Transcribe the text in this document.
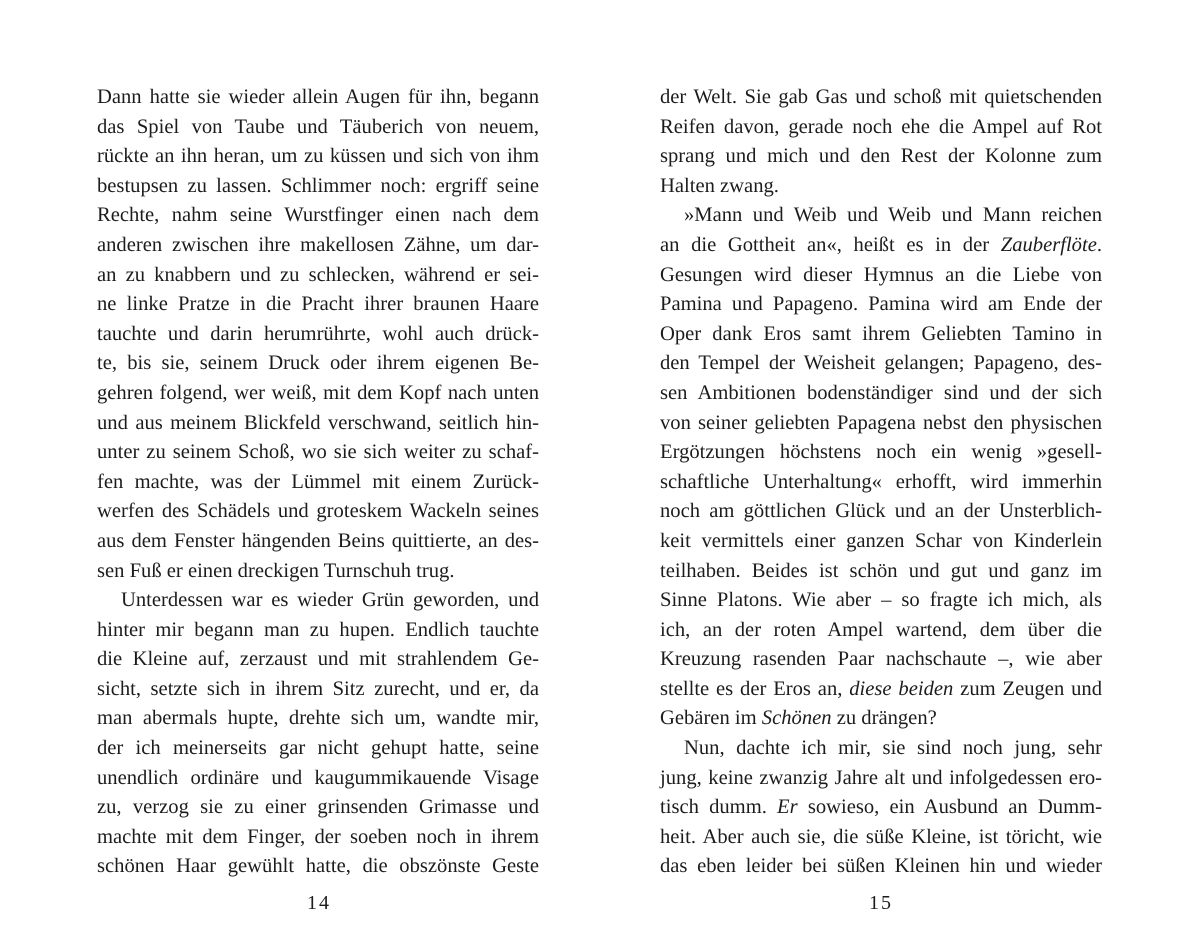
Dann hatte sie wieder allein Augen für ihn, begann
das Spiel von Taube und Täuberich von neuem,
rückte an ihn heran, um zu küssen und sich von ihm
bestupsen zu lassen. Schlimmer noch: ergriff seine
Rechte, nahm seine Wurstfinger einen nach dem
anderen zwischen ihre makellosen Zähne, um dar-
an zu knabbern und zu schlecken, während er sei-
ne linke Pratze in die Pracht ihrer braunen Haare
tauchte und darin herumrührte, wohl auch drück-
te, bis sie, seinem Druck oder ihrem eigenen Be-
gehren folgend, wer weiß, mit dem Kopf nach unten
und aus meinem Blickfeld verschwand, seitlich hin-
unter zu seinem Schoß, wo sie sich weiter zu schaf-
fen machte, was der Lümmel mit einem Zurück-
werfen des Schädels und groteskem Wackeln seines
aus dem Fenster hängenden Beins quittierte, an des-
sen Fuß er einen dreckigen Turnschuh trug.
Unterdessen war es wieder Grün geworden, und
hinter mir begann man zu hupen. Endlich tauchte
die Kleine auf, zerzaust und mit strahlendem Ge-
sicht, setzte sich in ihrem Sitz zurecht, und er, da
man abermals hupte, drehte sich um, wandte mir,
der ich meinerseits gar nicht gehupt hatte, seine
unendlich ordinäre und kaugummikauende Visage
zu, verzog sie zu einer grinsenden Grimasse und
machte mit dem Finger, der soeben noch in ihrem
schönen Haar gewühlt hatte, die obszönste Geste
der Welt. Sie gab Gas und schoß mit quietschenden
Reifen davon, gerade noch ehe die Ampel auf Rot
sprang und mich und den Rest der Kolonne zum
Halten zwang.
»Mann und Weib und Weib und Mann reichen
an die Gottheit an«, heißt es in der Zauberflöte.
Gesungen wird dieser Hymnus an die Liebe von
Pamina und Papageno. Pamina wird am Ende der
Oper dank Eros samt ihrem Geliebten Tamino in
den Tempel der Weisheit gelangen; Papageno, des-
sen Ambitionen bodenständiger sind und der sich
von seiner geliebten Papagena nebst den physischen
Ergötzungen höchstens noch ein wenig »gesell-
schaftliche Unterhaltung« erhofft, wird immerhin
noch am göttlichen Glück und an der Unsterblich-
keit vermittels einer ganzen Schar von Kinderlein
teilhaben. Beides ist schön und gut und ganz im
Sinne Platons. Wie aber – so fragte ich mich, als
ich, an der roten Ampel wartend, dem über die
Kreuzung rasenden Paar nachschaute –, wie aber
stellte es der Eros an, diese beiden zum Zeugen und
Gebären im Schönen zu drängen?
Nun, dachte ich mir, sie sind noch jung, sehr
jung, keine zwanzig Jahre alt und infolgedessen ero-
tisch dumm. Er sowieso, ein Ausbund an Dumm-
heit. Aber auch sie, die süße Kleine, ist töricht, wie
das eben leider bei süßen Kleinen hin und wieder
14	15
